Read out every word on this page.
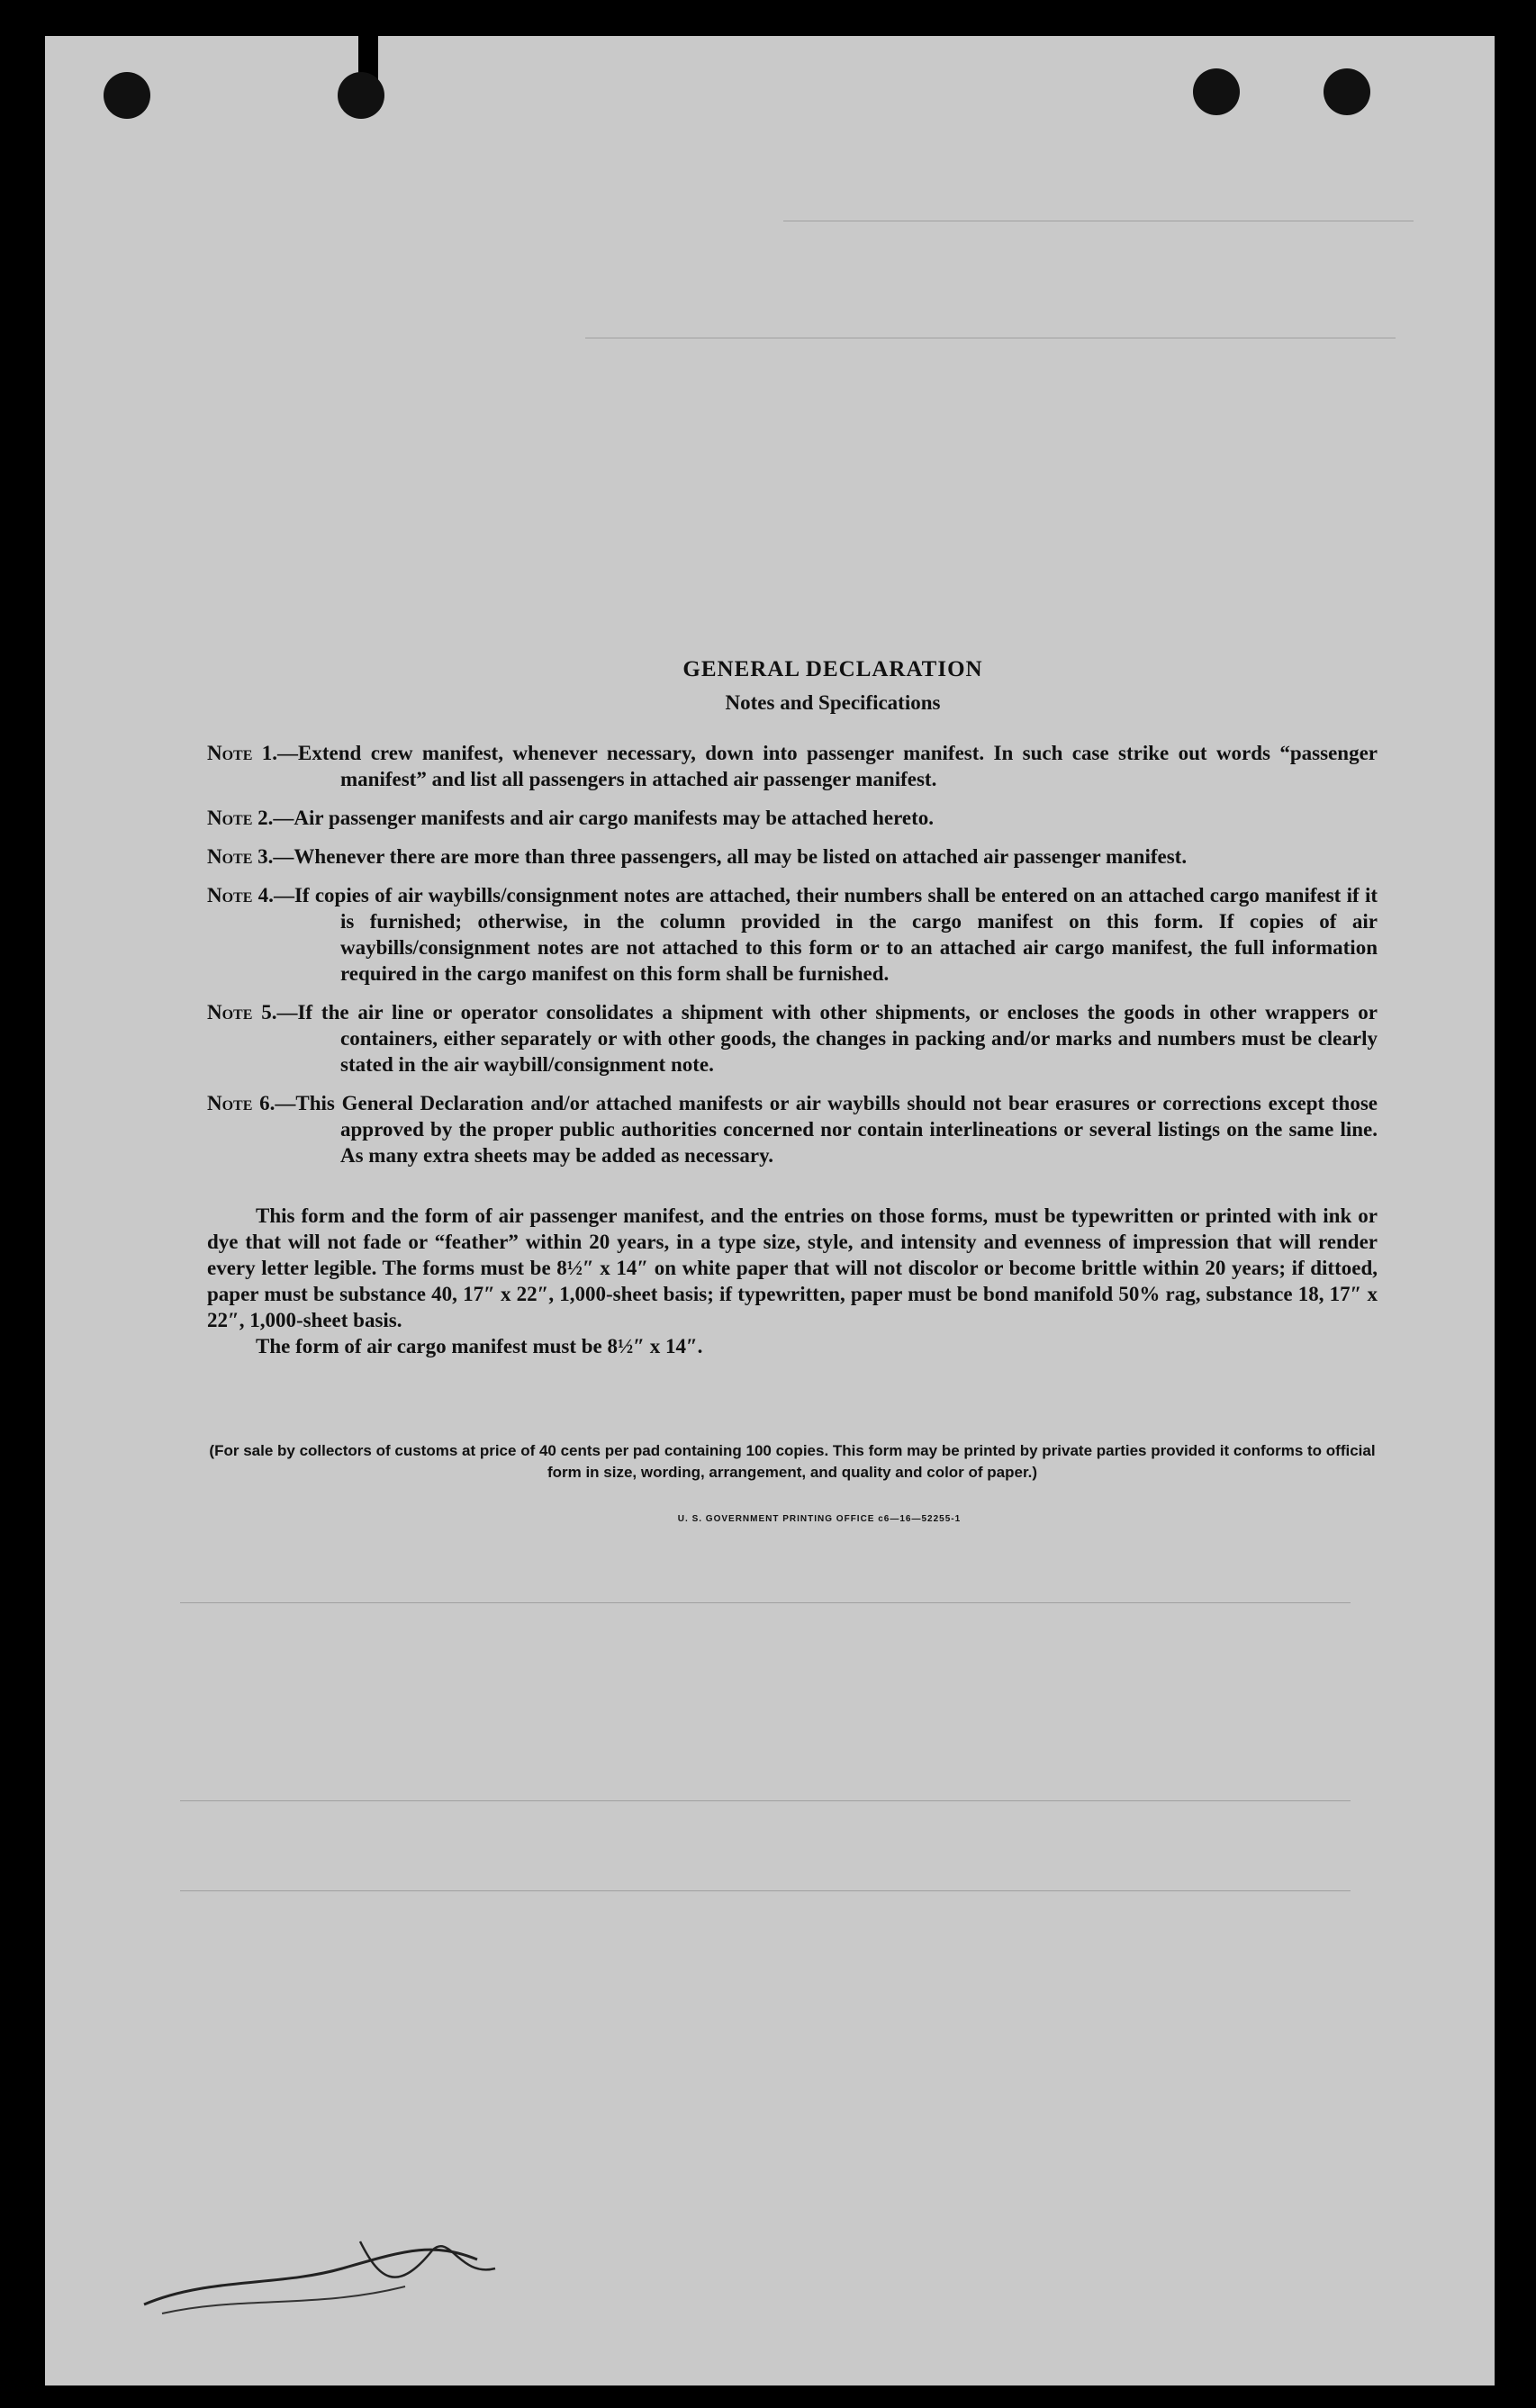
GENERAL DECLARATION
Notes and Specifications
Note 1.—Extend crew manifest, whenever necessary, down into passenger manifest. In such case strike out words “passenger manifest” and list all passengers in attached air passenger manifest.
Note 2.—Air passenger manifests and air cargo manifests may be attached hereto.
Note 3.—Whenever there are more than three passengers, all may be listed on attached air passenger manifest.
Note 4.—If copies of air waybills/consignment notes are attached, their numbers shall be entered on an attached cargo manifest if it is furnished; otherwise, in the column provided in the cargo manifest on this form. If copies of air waybills/consignment notes are not attached to this form or to an attached air cargo manifest, the full information required in the cargo manifest on this form shall be furnished.
Note 5.—If the air line or operator consolidates a shipment with other shipments, or encloses the goods in other wrappers or containers, either separately or with other goods, the changes in packing and/or marks and numbers must be clearly stated in the air waybill/consignment note.
Note 6.—This General Declaration and/or attached manifests or air waybills should not bear erasures or corrections except those approved by the proper public authorities concerned nor contain interlineations or several listings on the same line. As many extra sheets may be added as necessary.
This form and the form of air passenger manifest, and the entries on those forms, must be typewritten or printed with ink or dye that will not fade or “feather” within 20 years, in a type size, style, and intensity and evenness of impression that will render every letter legible. The forms must be 8½″ x 14″ on white paper that will not discolor or become brittle within 20 years; if dittoed, paper must be substance 40, 17″ x 22″, 1,000-sheet basis; if typewritten, paper must be bond manifold 50% rag, substance 18, 17″ x 22″, 1,000-sheet basis.
The form of air cargo manifest must be 8½″ x 14″.
(For sale by collectors of customs at price of 40 cents per pad containing 100 copies. This form may be printed by private parties provided it conforms to official form in size, wording, arrangement, and quality and color of paper.)
U. S. GOVERNMENT PRINTING OFFICE c6—16—52255-1
